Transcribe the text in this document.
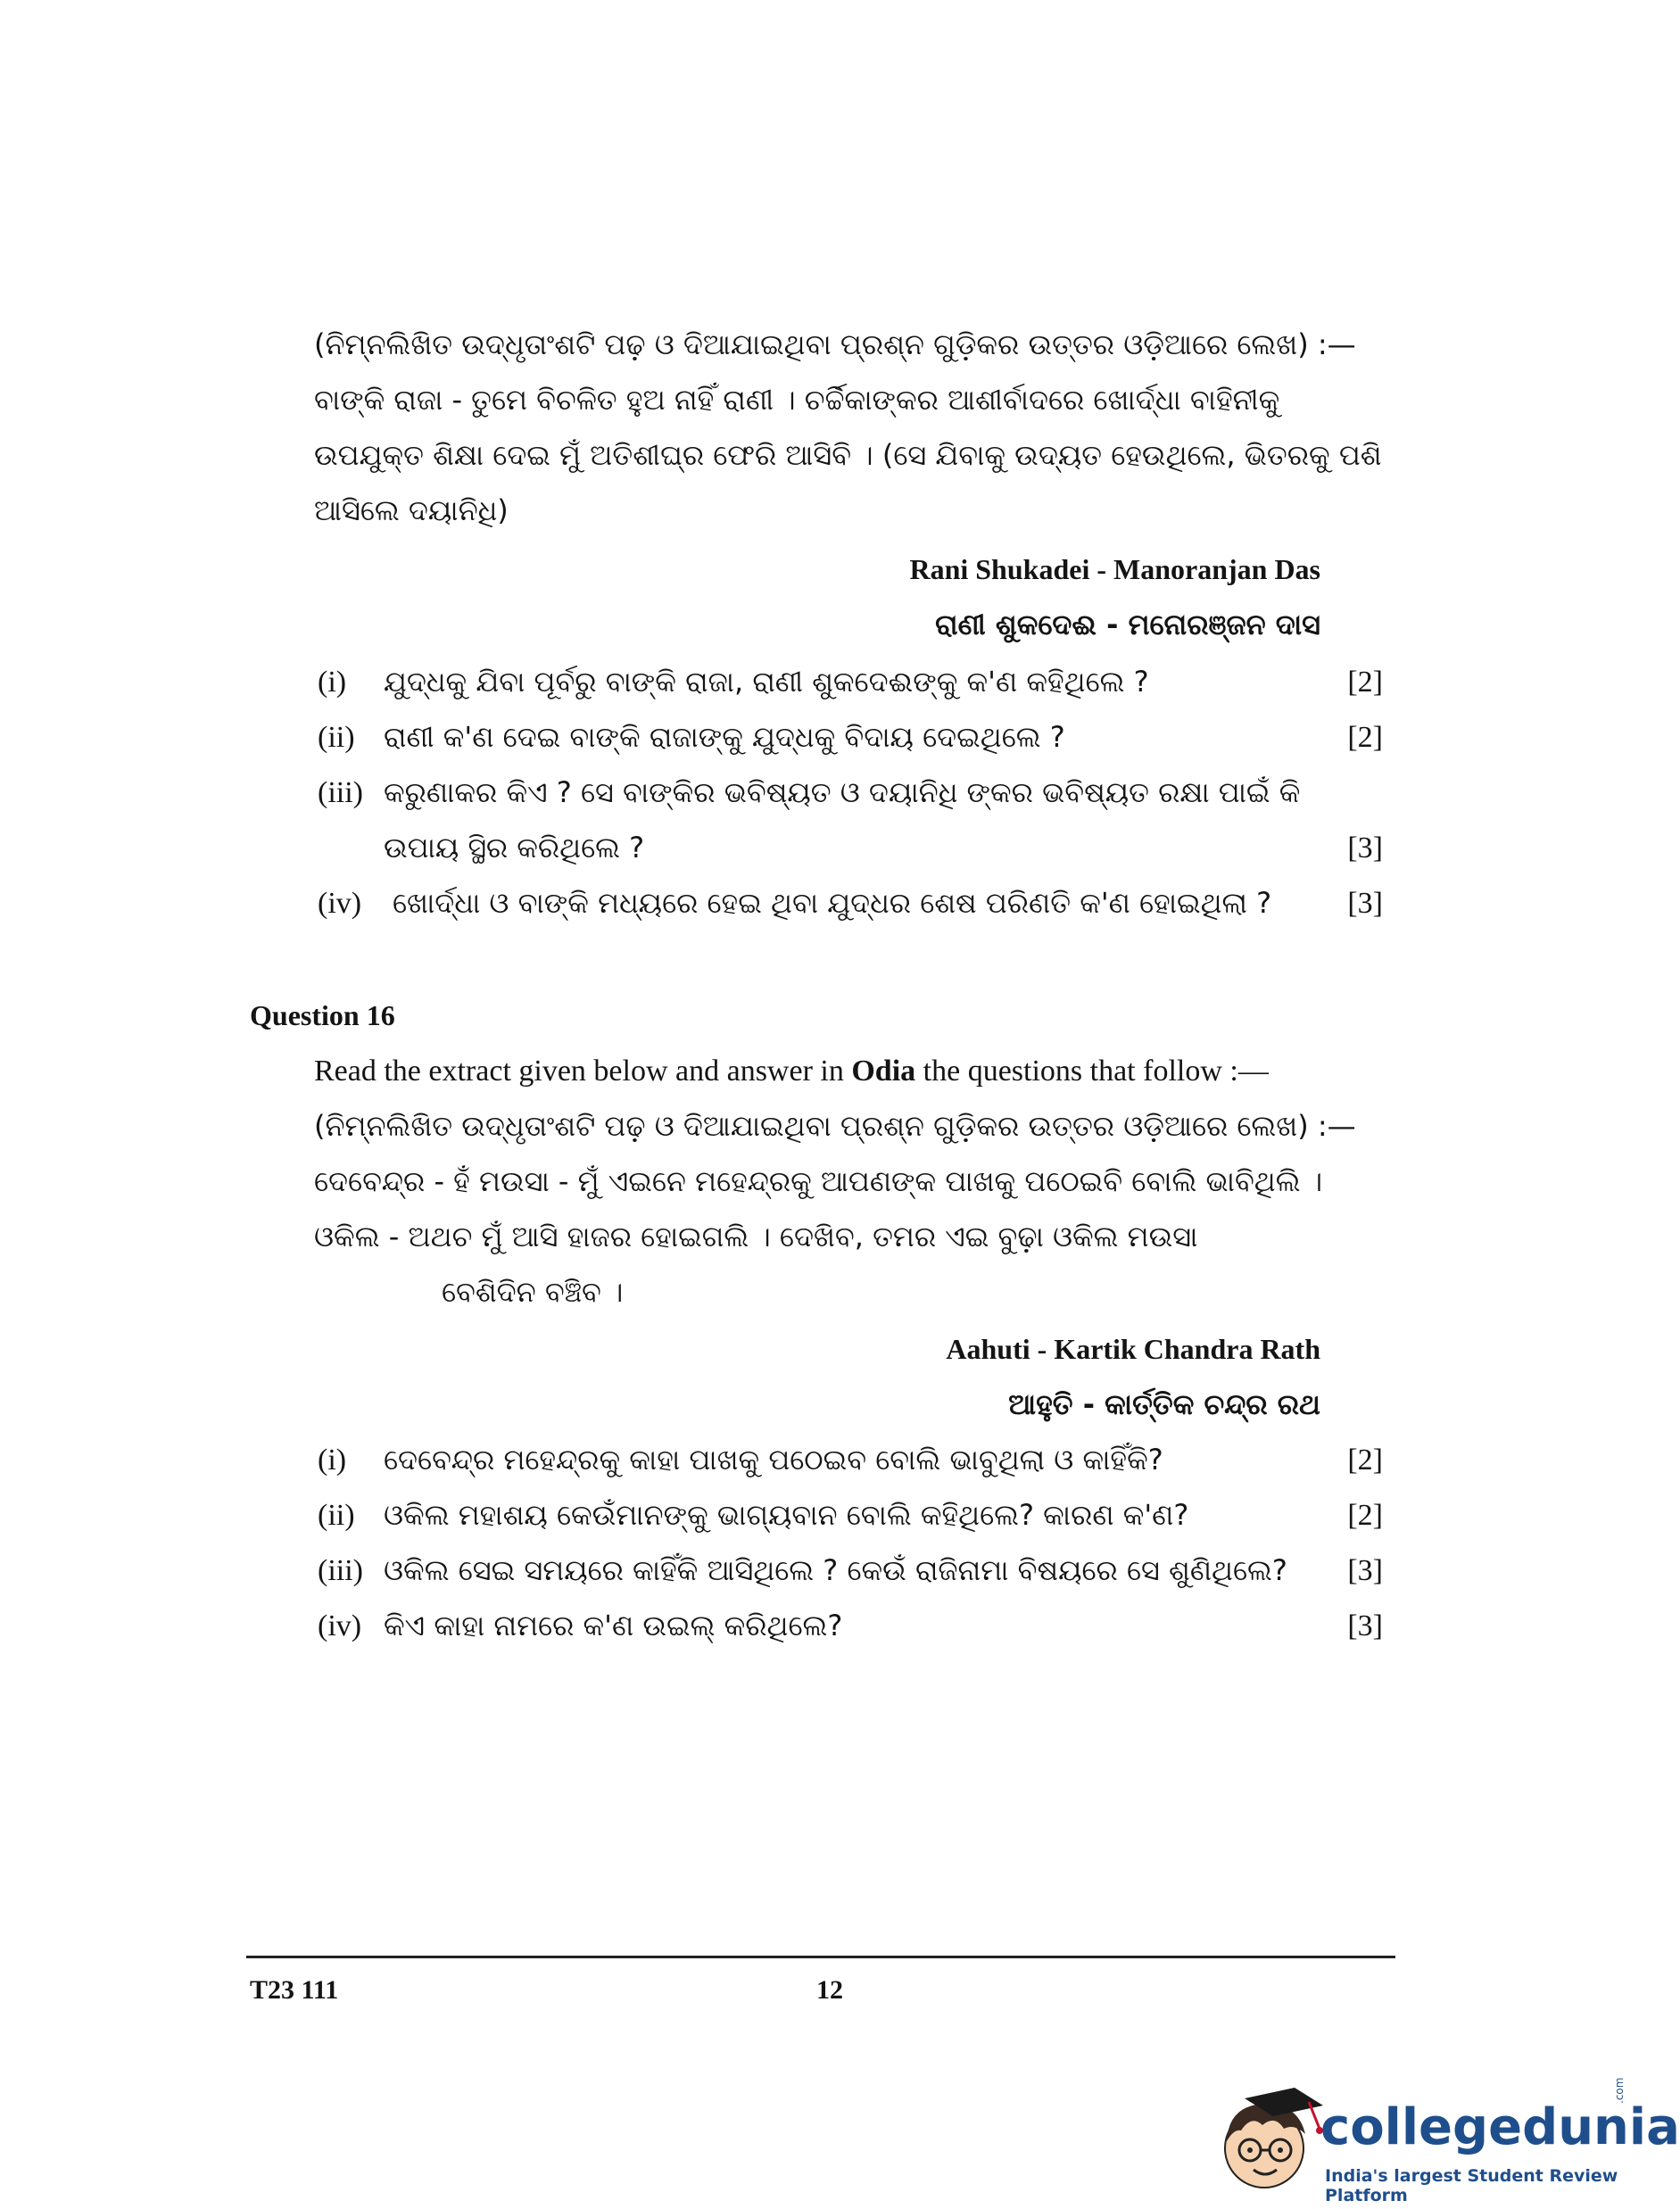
(ନିମ୍ନଲିଖିତ ଉଦ୍ଧୃତାଂଶଟି ପଢ଼ ଓ ଦିଆଯାଇଥିବା ପ୍ରଶ୍ନ ଗୁଡ଼ିକର ଉତ୍ତର ଓଡ଼ିଆରେ ଲେଖ) :—
ବାଙ୍କି ରାଜା - ତୁମେ ବିଚଳିତ ହୁଅ ନାହିଁ ରାଣୀ । ଚର୍ଚ୍ଚିକାଙ୍କର ଆଶୀର୍ବାଦରେ ଖୋର୍ଦ୍ଧା ବାହିନୀକୁ
ଉପଯୁକ୍ତ ଶିକ୍ଷା ଦେଇ ମୁଁ ଅତିଶୀଘ୍ର ଫେରି ଆସିବି । (ସେ ଯିବାକୁ ଉଦ୍ୟତ ହେଉଥିଲେ, ଭିତରକୁ ପଶି
ଆସିଲେ ଦୟାନିଧି)
Rani Shukadei - Manoranjan Das
ରାଣୀ ଶୁକଦେଈ - ମନୋରଞ୍ଜନ ଦାସ
(i) ଯୁଦ୍ଧକୁ ଯିବା ପୂର୍ବରୁ ବାଙ୍କି ରାଜା, ରାଣୀ ଶୁକଦେଈଙ୍କୁ କ'ଣ କହିଥିଲେ ?	[2]
(ii) ରାଣୀ କ'ଣ ଦେଇ ବାଙ୍କି ରାଜାଙ୍କୁ ଯୁଦ୍ଧକୁ ବିଦାୟ ଦେଇଥିଲେ ?	[2]
(iii) କରୁଣାକର କିଏ ? ସେ ବାଙ୍କିର ଭବିଷ୍ୟତ ଓ ଦୟାନିଧି ଙ୍କର ଭବିଷ୍ୟତ ରକ୍ଷା ପାଇଁ କି
ଉପାୟ ସ୍ଥିର କରିଥିଲେ ?	[3]
(iv) ଖୋର୍ଦ୍ଧା ଓ ବାଙ୍କି ମଧ୍ୟରେ ହେଇ ଥିବା ଯୁଦ୍ଧର ଶେଷ ପରିଣତି କ'ଣ ହୋଇଥିଲା ?	[3]
Question 16
Read the extract given below and answer in Odia the questions that follow :—
(ନିମ୍ନଲିଖିତ ଉଦ୍ଧୃତାଂଶଟି ପଢ଼ ଓ ଦିଆଯାଇଥିବା ପ୍ରଶ୍ନ ଗୁଡ଼ିକର ଉତ୍ତର ଓଡ଼ିଆରେ ଲେଖ) :—
ଦେବେନ୍ଦ୍ର - ହଁ ମଉସା - ମୁଁ ଏଇନେ ମହେନ୍ଦ୍ରକୁ ଆପଣଙ୍କ ପାଖକୁ ପଠେଇବି ବୋଲି ଭାବିଥିଲି ।
ଓକିଲ - ଅଥଚ ମୁଁ ଆସି ହାଜର ହୋଇଗଲି । ଦେଖିବ, ତମର ଏଇ ବୁଢ଼ା ଓକିଲ ମଉସା
ବେଶିଦିନ ବଞ୍ଚିବ ।
Aahuti - Kartik Chandra Rath
ଆହୁତି - କାର୍ତ୍ତିକ ଚନ୍ଦ୍ର ରଥ
(i) ଦେବେନ୍ଦ୍ର ମହେନ୍ଦ୍ରକୁ କାହା ପାଖକୁ ପଠେଇବ ବୋଲି ଭାବୁଥିଲା ଓ କାହିଁକି?	[2]
(ii) ଓକିଲ ମହାଶୟ କେଉଁମାନଙ୍କୁ ଭାଗ୍ୟବାନ ବୋଲି କହିଥିଲେ? କାରଣ କ'ଣ?	[2]
(iii) ଓକିଲ ସେଇ ସମୟରେ କାହିଁକି ଆସିଥିଲେ ? କେଉଁ ରାଜିନାମା ବିଷୟରେ ସେ ଶୁଣିଥିଲେ?	[3]
(iv) କିଏ କାହା ନାମରେ କ'ଣ ଉଇଲ୍ କରିଥିଲେ?	[3]
T23 111	12
collegedunia
.com
India's largest Student Review Platform
